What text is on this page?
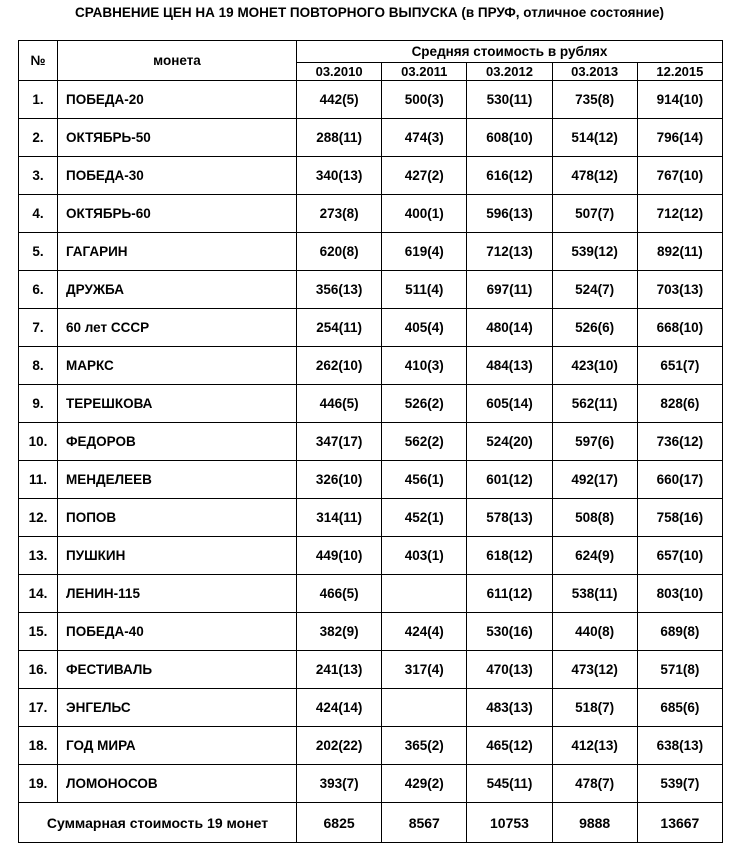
СРАВНЕНИЕ ЦЕН НА 19 МОНЕТ ПОВТОРНОГО ВЫПУСКА (в ПРУФ, отличное состояние)
№	монета	Средняя стоимость в рублях				
		03.2010	03.2011	03.2012	03.2013	12.2015
1.	ПОБЕДА-20	442(5)	500(3)	530(11)	735(8)	914(10)
2.	ОКТЯБРЬ-50	288(11)	474(3)	608(10)	514(12)	796(14)
3.	ПОБЕДА-30	340(13)	427(2)	616(12)	478(12)	767(10)
4.	ОКТЯБРЬ-60	273(8)	400(1)	596(13)	507(7)	712(12)
5.	ГАГАРИН	620(8)	619(4)	712(13)	539(12)	892(11)
6.	ДРУЖБА	356(13)	511(4)	697(11)	524(7)	703(13)
7.	60 лет СССР	254(11)	405(4)	480(14)	526(6)	668(10)
8.	МАРКС	262(10)	410(3)	484(13)	423(10)	651(7)
9.	ТЕРЕШКОВА	446(5)	526(2)	605(14)	562(11)	828(6)
10.	ФЕДОРОВ	347(17)	562(2)	524(20)	597(6)	736(12)
11.	МЕНДЕЛЕЕВ	326(10)	456(1)	601(12)	492(17)	660(17)
12.	ПОПОВ	314(11)	452(1)	578(13)	508(8)	758(16)
13.	ПУШКИН	449(10)	403(1)	618(12)	624(9)	657(10)
14.	ЛЕНИН-115	466(5)		611(12)	538(11)	803(10)
15.	ПОБЕДА-40	382(9)	424(4)	530(16)	440(8)	689(8)
16.	ФЕСТИВАЛЬ	241(13)	317(4)	470(13)	473(12)	571(8)
17.	ЭНГЕЛЬС	424(14)		483(13)	518(7)	685(6)
18.	ГОД МИРА	202(22)	365(2)	465(12)	412(13)	638(13)
19.	ЛОМОНОСОВ	393(7)	429(2)	545(11)	478(7)	539(7)
Суммарная стоимость 19 монет		6825	8567	10753	9888	13667
